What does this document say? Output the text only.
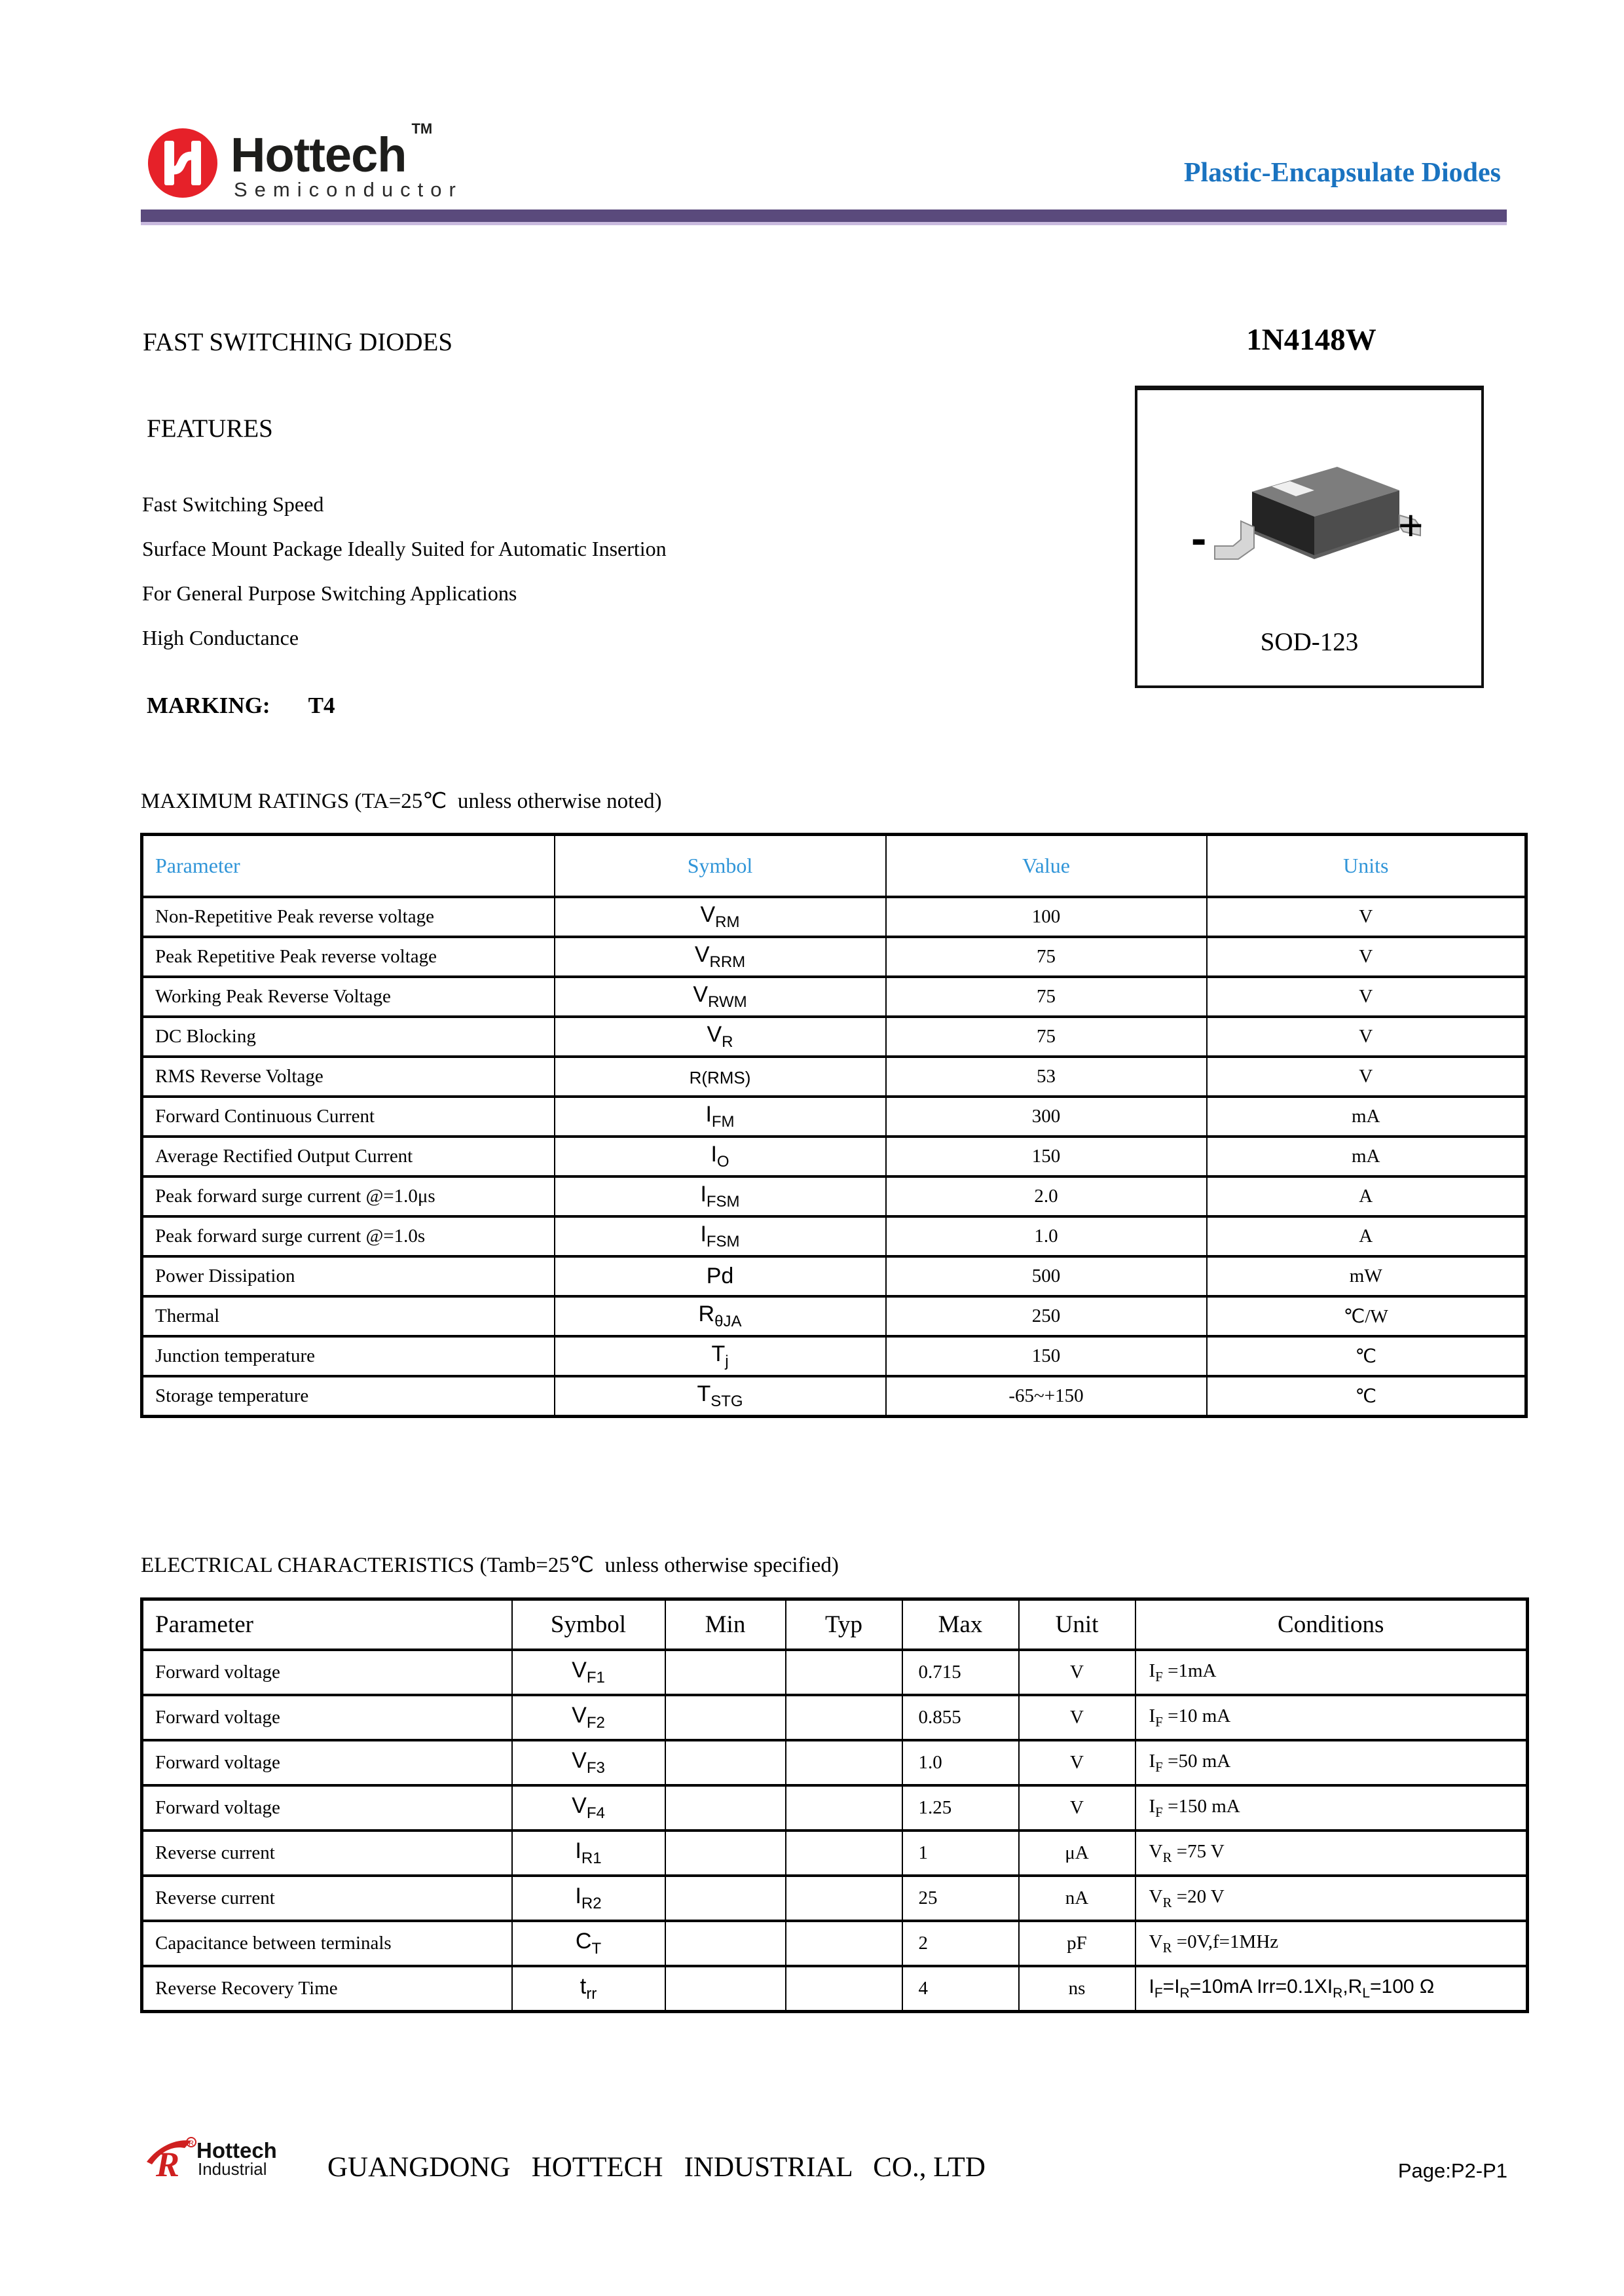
Hottech ™
Semiconductor
Plastic-Encapsulate Diodes
FAST SWITCHING DIODES	1N4148W
FEATURES
Fast Switching Speed
Surface Mount Package Ideally Suited for Automatic Insertion
For General Purpose Switching Applications
High Conductance
-	+
SOD-123
MARKING: T4
MAXIMUM RATINGS (TA=25℃  unless otherwise noted)
Parameter	Symbol	Value	Units
Non-Repetitive Peak reverse voltage	$V_{RM}$	100	V
Peak Repetitive Peak reverse voltage	$V_{RRM}$	75	V
Working Peak Reverse Voltage	$V_{RWM}$	75	V
DC Blocking	$V_R$	75	V
RMS Reverse Voltage	R(RMS)	53	V
Forward Continuous Current	$I_{FM}$	300	mA
Average Rectified Output Current	$I_O$	150	mA
Peak forward surge current @=1.0μs	$I_{FSM}$	2.0	A
Peak forward surge current @=1.0s	$I_{FSM}$	1.0	A
Power Dissipation	Pd	500	mW
Thermal	$R_{\theta JA}$	250	℃/W
Junction temperature	$T_j$	150	℃
Storage temperature	$T_{STG}$	-65~+150	℃
ELECTRICAL CHARACTERISTICS (Tamb=25℃  unless otherwise specified)
Parameter	Symbol	Min	Typ	Max	Unit	Conditions
Forward voltage	$V_{F1}$			0.715	V	$I_F =1mA$
Forward voltage	$V_{F2}$			0.855	V	$I_F =10$ mA
Forward voltage	$V_{F3}$			1.0	V	$I_F =50$ mA
Forward voltage	$V_{F4}$			1.25	V	$I_F =150$ mA
Reverse current	$I_{R1}$			1	μA	$V_R =75$ V
Reverse current	$I_{R2}$			25	nA	$V_R =20$ V
Capacitance between terminals	$C_T$			2	pF	$V_R =0V,f=1MHz$
Reverse Recovery Time	$t_{rr}$			4	ns	$I_F=I_R=10mA$ $Irr=0.1XI_R,R_L=100$ Ω
R
R Hottech
Industrial GUANGDONG   HOTTECH   INDUSTRIAL   CO., LTD	Page:P2-P1
